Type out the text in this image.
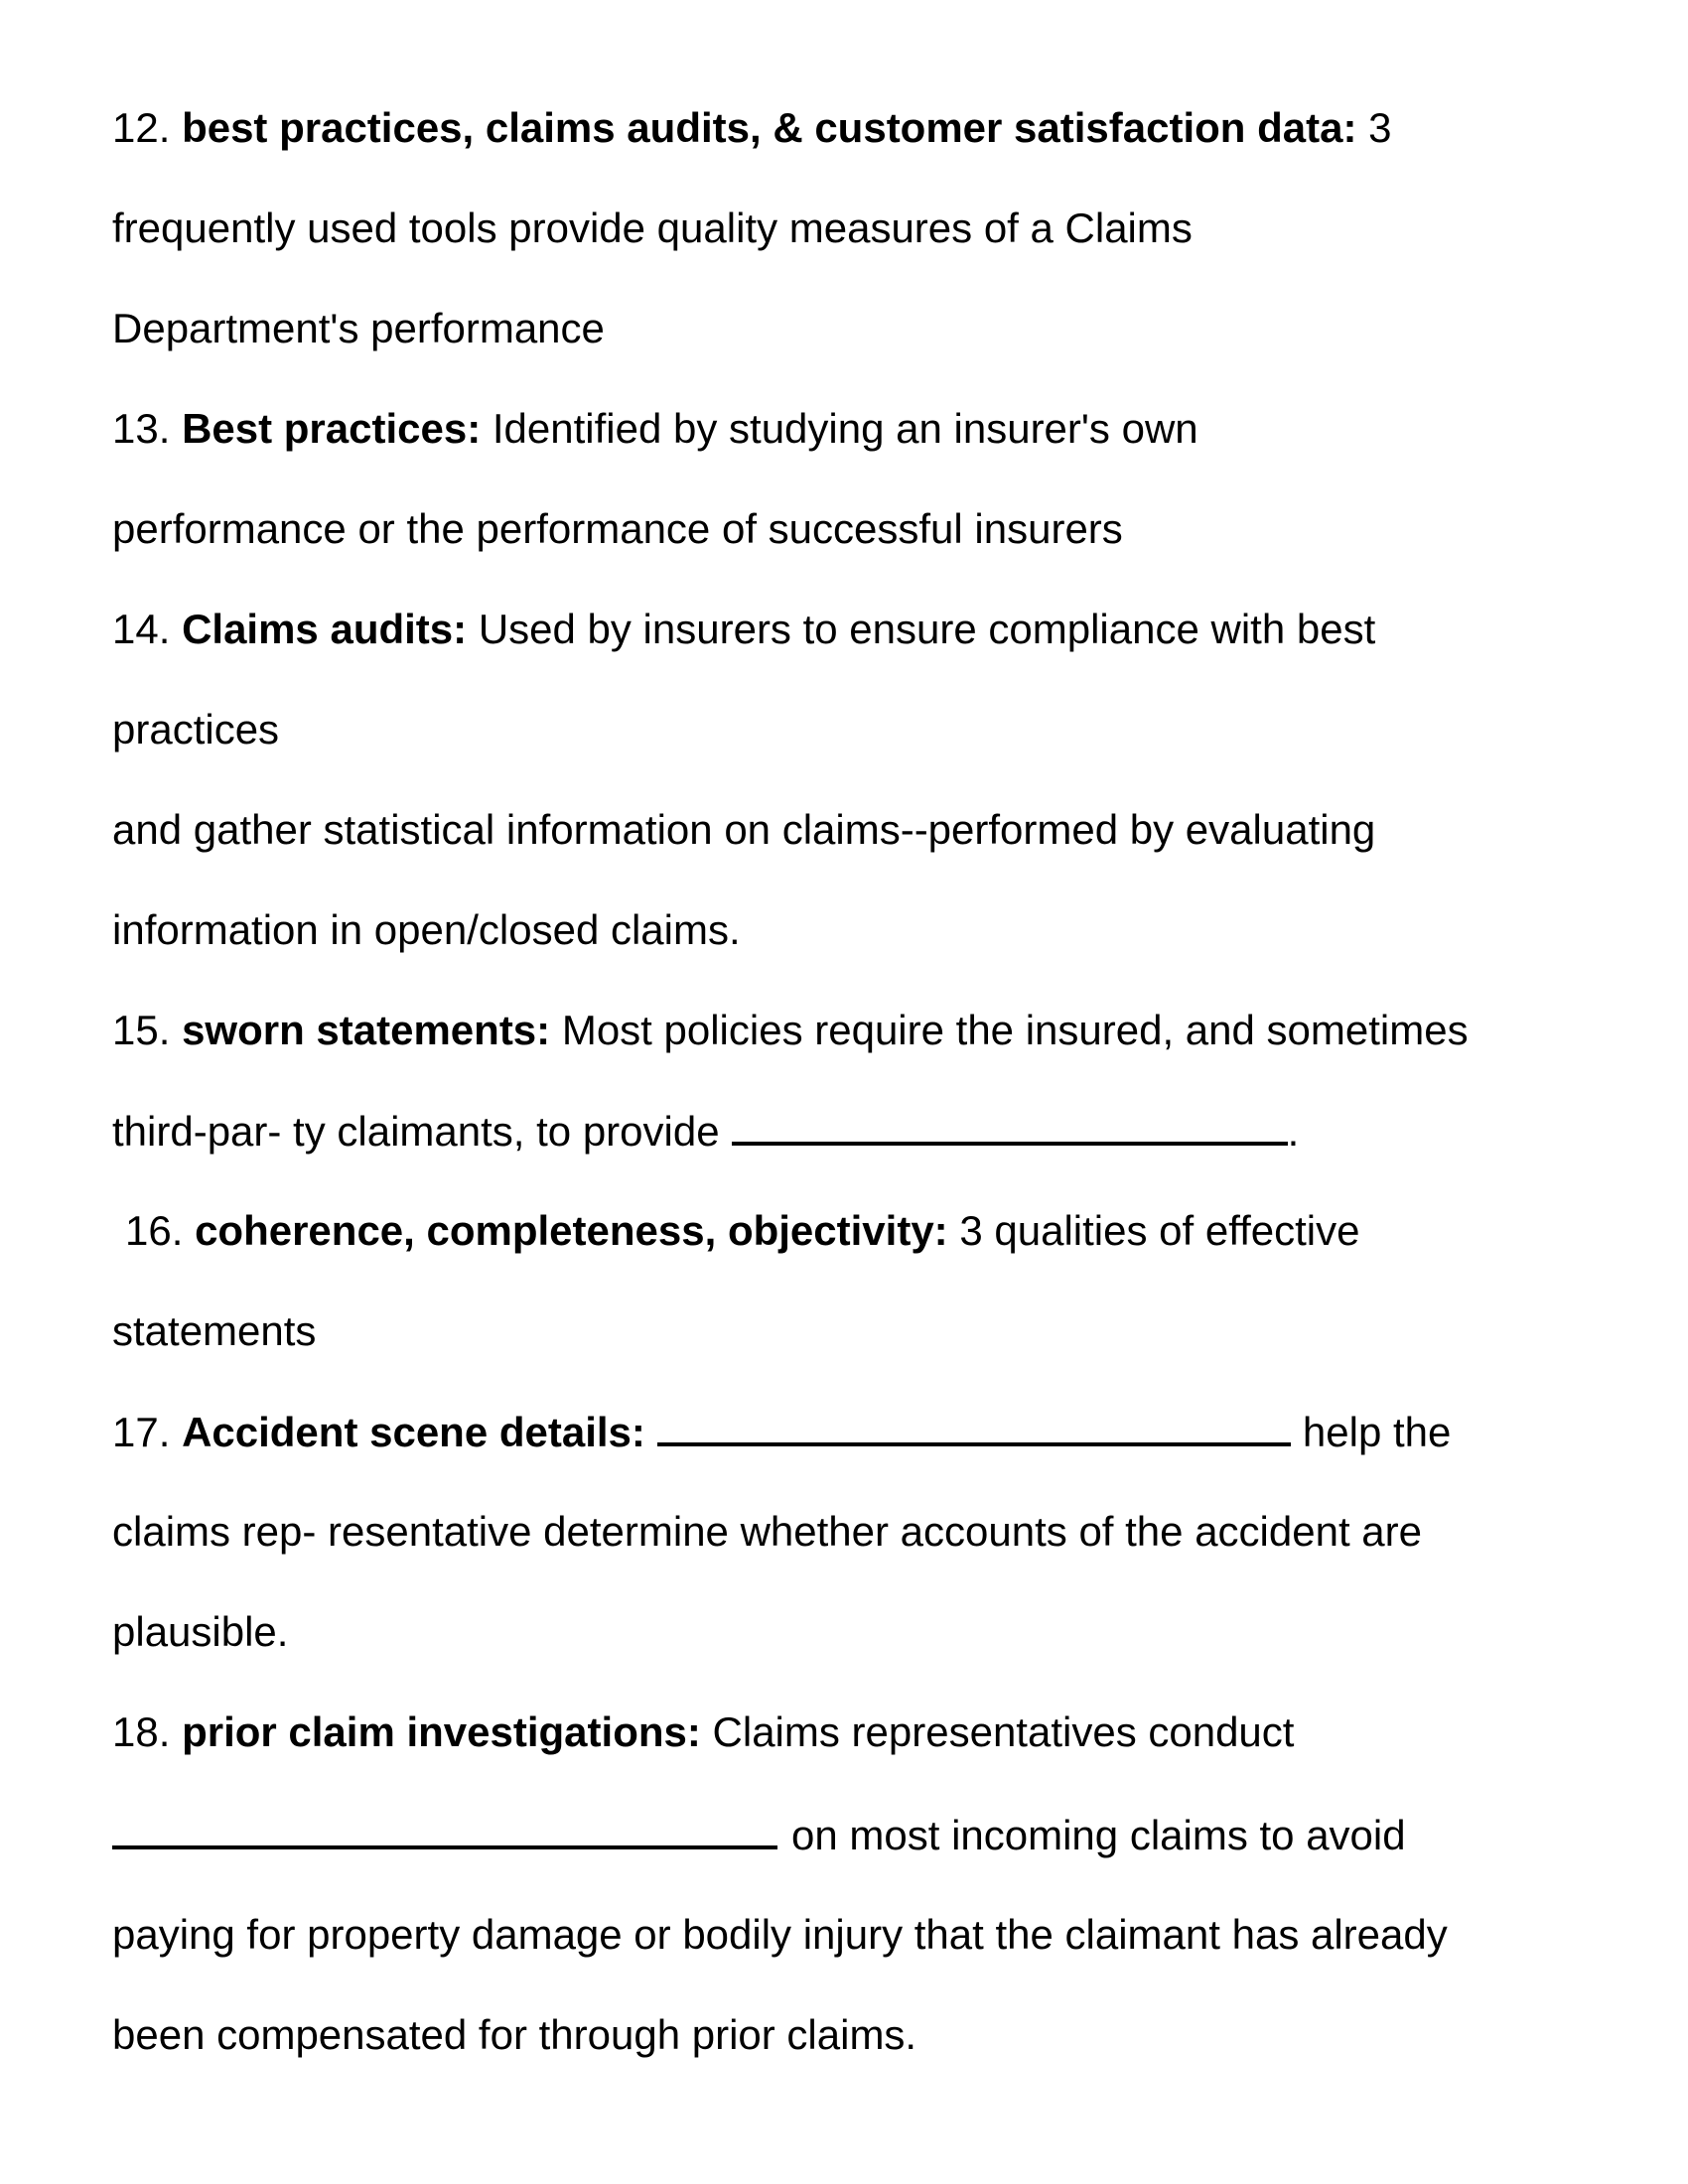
12. best practices, claims audits, & customer satisfaction data: 3
frequently used tools provide quality measures of a Claims
Department's performance
13. Best practices: Identified by studying an insurer's own
performance or the performance of successful insurers
14. Claims audits: Used by insurers to ensure compliance with best
practices
and gather statistical information on claims--performed by evaluating
information in open/closed claims.
15. sworn statements: Most policies require the insured, and sometimes
third-par- ty claimants, to provide	.
16. coherence, completeness, objectivity: 3 qualities of effective
statements
17. Accident scene details:	help the
claims rep- resentative determine whether accounts of the accident are
plausible.
18. prior claim investigations: Claims representatives conduct
on most incoming claims to avoid
paying for property damage or bodily injury that the claimant has already
been compensated for through prior claims.
